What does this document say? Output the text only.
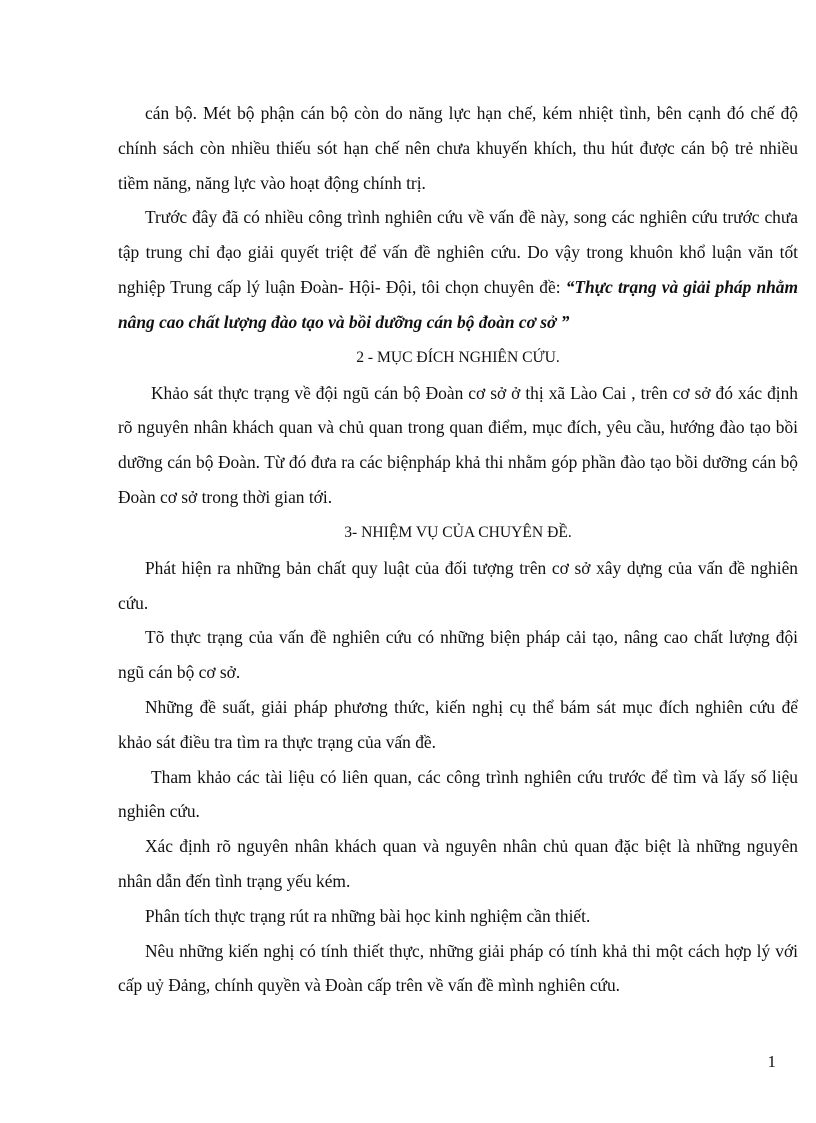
cán bộ. Mét bộ phận cán bộ còn do năng lực hạn chế, kém nhiệt tình, bên cạnh đó chế độ chính sách còn nhiều thiếu sót hạn chế nên chưa khuyến khích, thu hút được cán bộ trẻ nhiều tiềm năng, năng lực vào hoạt động chính trị.

Trước đây đã có nhiều công trình nghiên cứu về vấn đề này, song các nghiên cứu trước chưa tập trung chỉ đạo giải quyết triệt để vấn đề nghiên cứu. Do vậy trong khuôn khổ luận văn tốt nghiệp Trung cấp lý luận Đoàn- Hội- Đội, tôi chọn chuyên đề: “Thực trạng và giải pháp nhằm nâng cao chất lượng đào tạo và bồi dưỡng cán bộ đoàn cơ sở ”

2 - MỤC ĐÍCH NGHIÊN CỨU.

Khảo sát thực trạng về đội ngũ cán bộ Đoàn cơ sở ở thị xã Lào Cai , trên cơ sở đó xác định rõ nguyên nhân khách quan và chủ quan trong quan điểm, mục đích, yêu cầu, hướng đào tạo bồi dưỡng cán bộ Đoàn. Từ đó đưa ra các biệnpháp khả thi nhằm góp phần đào tạo bồi dưỡng cán bộ Đoàn cơ sở trong thời gian tới.

3- NHIỆM VỤ CỦA CHUYÊN ĐỀ.

Phát hiện ra những bản chất quy luật của đối tượng trên cơ sở xây dựng của vấn đề nghiên cứu.

Tõ thực trạng của vấn đề nghiên cứu có những biện pháp cải tạo, nâng cao chất lượng đội ngũ cán bộ cơ sở.

Những đề suất, giải pháp phương thức, kiến nghị cụ thể bám sát mục đích nghiên cứu để khảo sát điều tra tìm ra thực trạng của vấn đề.

Tham khảo các tài liệu có liên quan, các công trình nghiên cứu trước để tìm và lấy số liệu nghiên cứu.

Xác định rõ nguyên nhân khách quan và nguyên nhân chủ quan đặc biệt là những nguyên nhân dẫn đến tình trạng yếu kém.

Phân tích thực trạng rút ra những bài học kinh nghiệm cần thiết.

Nêu những kiến nghị có tính thiết thực, những giải pháp có tính khả thi một cách hợp lý với cấp uỷ Đảng, chính quyền và Đoàn cấp trên về vấn đề mình nghiên cứu.

1
